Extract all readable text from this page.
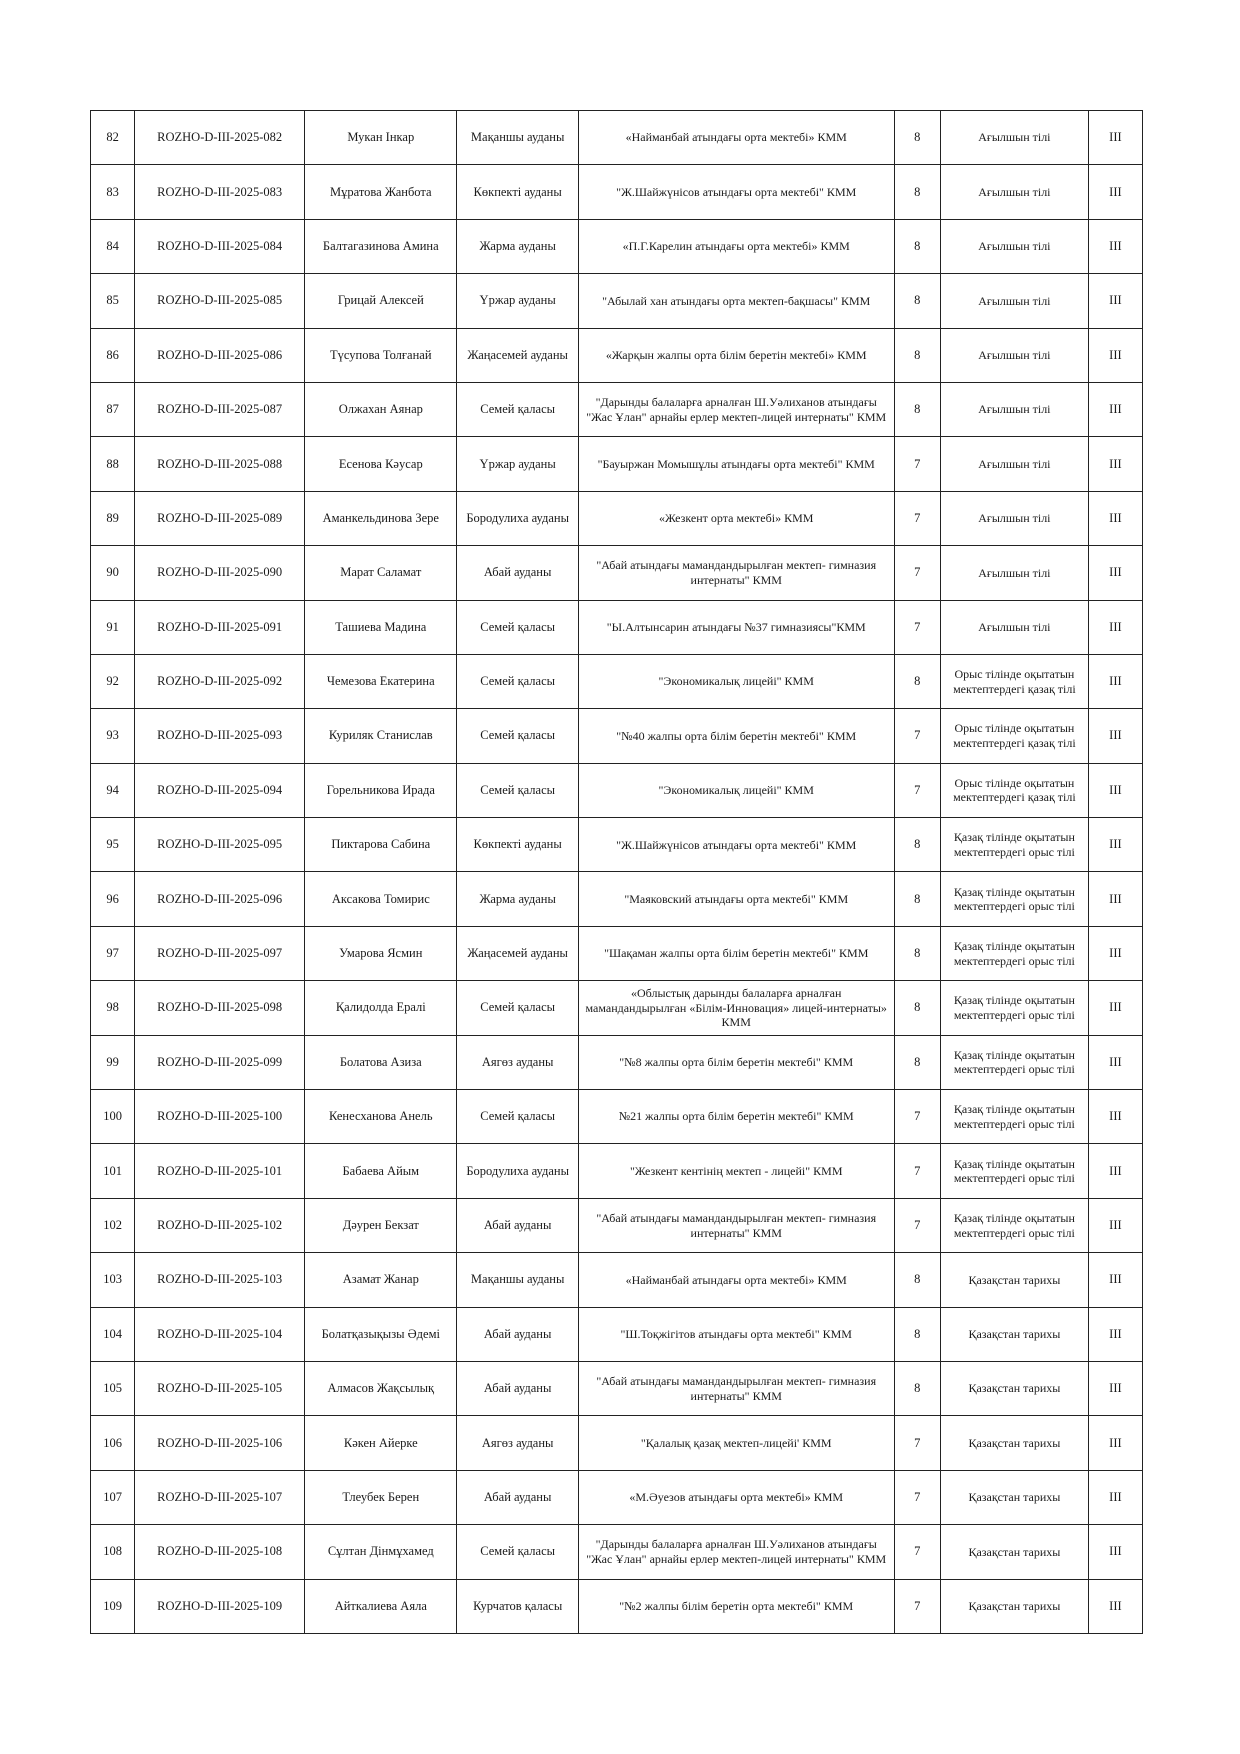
82	ROZHO-D-III-2025-082	Мукан Інкар	Мақаншы ауданы	«Найманбай атындағы орта мектебі» КММ	8	Ағылшын тілі	III
83	ROZHO-D-III-2025-083	Мұратова Жанбота	Көкпекті ауданы	"Ж.Шайжүнісов атындағы орта мектебі" КММ	8	Ағылшын тілі	III
84	ROZHO-D-III-2025-084	Балтагазинова Амина	Жарма ауданы	«П.Г.Карелин атындағы орта мектебі» КММ	8	Ағылшын тілі	III
85	ROZHO-D-III-2025-085	Грицай Алексей	Үржар ауданы	"Абылай хан атындағы орта мектеп-бақшасы" КММ	8	Ағылшын тілі	III
86	ROZHO-D-III-2025-086	Түсупова Толғанай	Жаңасемей ауданы	«Жарқын жалпы орта білім беретін мектебі» КММ	8	Ағылшын тілі	III
87	ROZHO-D-III-2025-087	Олжахан Аянар	Семей қаласы	"Дарынды балаларға арналған Ш.Уәлиханов атындағы "Жас Ұлан" арнайы ерлер мектеп-лицей интернаты" КММ	8	Ағылшын тілі	III
88	ROZHO-D-III-2025-088	Есенова Кәусар	Үржар ауданы	"Бауыржан Момышұлы атындағы орта мектебі" КММ	7	Ағылшын тілі	III
89	ROZHO-D-III-2025-089	Аманкельдинова Зере	Бородулиха ауданы	«Жезкент орта мектебі» КММ	7	Ағылшын тілі	III
90	ROZHO-D-III-2025-090	Марат Саламат	Абай ауданы	"Абай атындағы мамандандырылған мектеп- гимназия интернаты" КММ	7	Ағылшын тілі	III
91	ROZHO-D-III-2025-091	Ташиева Мадина	Семей қаласы	"Ы.Алтынсарин атындағы №37 гимназиясы"КММ	7	Ағылшын тілі	III
92	ROZHO-D-III-2025-092	Чемезова Екатерина	Семей қаласы	"Экономикалық лицейі" КММ	8	Орыс тілінде оқытатын мектептердегі қазақ тілі	III
93	ROZHO-D-III-2025-093	Куриляк Станислав	Семей қаласы	"№40 жалпы орта білім беретін мектебі" КММ	7	Орыс тілінде оқытатын мектептердегі қазақ тілі	III
94	ROZHO-D-III-2025-094	Горельникова Ирада	Семей қаласы	"Экономикалық лицейі" КММ	7	Орыс тілінде оқытатын мектептердегі қазақ тілі	III
95	ROZHO-D-III-2025-095	Пиктарова Сабина	Көкпекті ауданы	"Ж.Шайжүнісов атындағы орта мектебі" КММ	8	Қазақ тілінде оқытатын мектептердегі орыс тілі	III
96	ROZHO-D-III-2025-096	Аксакова Томирис	Жарма ауданы	"Маяковский атындағы орта мектебі" КММ	8	Қазақ тілінде оқытатын мектептердегі орыс тілі	III
97	ROZHO-D-III-2025-097	Умарова Ясмин	Жаңасемей ауданы	"Шақаман жалпы орта білім беретін мектебі" КММ	8	Қазақ тілінде оқытатын мектептердегі орыс тілі	III
98	ROZHO-D-III-2025-098	Қалидолда Ералі	Семей қаласы	«Облыстық дарынды балаларға арналған мамандандырылған «Білім-Инновация» лицей-интернаты» КММ	8	Қазақ тілінде оқытатын мектептердегі орыс тілі	III
99	ROZHO-D-III-2025-099	Болатова Азиза	Аягөз ауданы	"№8 жалпы орта білім беретін мектебі" КММ	8	Қазақ тілінде оқытатын мектептердегі орыс тілі	III
100	ROZHO-D-III-2025-100	Кенесханова Анель	Семей қаласы	№21 жалпы орта білім беретін мектебі" КММ	7	Қазақ тілінде оқытатын мектептердегі орыс тілі	III
101	ROZHO-D-III-2025-101	Бабаева Айым	Бородулиха ауданы	"Жезкент кентінің мектеп - лицейі" КММ	7	Қазақ тілінде оқытатын мектептердегі орыс тілі	III
102	ROZHO-D-III-2025-102	Дәурен Бекзат	Абай ауданы	"Абай атындағы мамандандырылған мектеп- гимназия интернаты" КММ	7	Қазақ тілінде оқытатын мектептердегі орыс тілі	III
103	ROZHO-D-III-2025-103	Азамат Жанар	Мақаншы ауданы	«Найманбай атындағы орта мектебі» КММ	8	Қазақстан тарихы	III
104	ROZHO-D-III-2025-104	Болатқазықызы Әдемі	Абай ауданы	"Ш.Тоқжігітов атындағы орта мектебі" КММ	8	Қазақстан тарихы	III
105	ROZHO-D-III-2025-105	Алмасов Жақсылық	Абай ауданы	"Абай атындағы мамандандырылған мектеп- гимназия интернаты" КММ	8	Қазақстан тарихы	III
106	ROZHO-D-III-2025-106	Кәкен Айерке	Аягөз ауданы	"Қалалық қазақ мектеп-лицейі' КММ	7	Қазақстан тарихы	III
107	ROZHO-D-III-2025-107	Тлеубек Берен	Абай ауданы	«М.Әуезов атындағы орта мектебі» КММ	7	Қазақстан тарихы	III
108	ROZHO-D-III-2025-108	Сұлтан Дінмұхамед	Семей қаласы	"Дарынды балаларға арналған Ш.Уәлиханов атындағы "Жас Ұлан" арнайы ерлер мектеп-лицей интернаты" КММ	7	Қазақстан тарихы	III
109	ROZHO-D-III-2025-109	Айткалиева Аяла	Курчатов қаласы	"№2 жалпы білім беретін орта мектебі" КММ	7	Қазақстан тарихы	III
